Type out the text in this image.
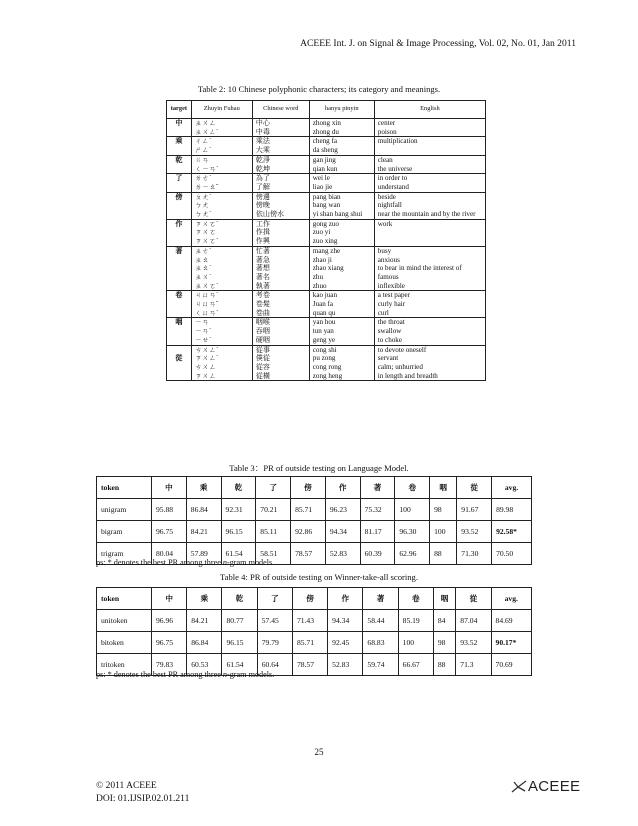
ACEEE Int. J. on Signal & Image Processing, Vol. 02, No. 01, Jan 2011
Table 2: 10 Chinese polyphonic characters; its category and meanings.
target	Zhuyin Fuhau	Chinese word	hanyu pinyin	English
中	ㄓㄨㄥ	中心	zhong xin	center
	ㄓㄨㄥˋ	中毒	zhong du	poison
乘	ㄔㄥˊ	乘法	cheng fa	multiplication
	ㄕㄥˋ	大乘	da sheng	
乾	ㄍㄢ	乾淨	gan jing	clean
	ㄑㄧㄢˊ	乾坤	qian kun	the universe
了	ㄌㄜˊ	為了	wei le	in order to
	ㄌㄧㄠˇ	了解	liao jie	understand
傍	ㄆㄤˊ	傍邊	pang bian	beside
	ㄅㄤ	傍晚	bang wan	nightfall
	ㄅㄤˋ	依山傍水	yi shan bang shui	near the mountain and by the river
作	ㄗㄨㄛˋ	工作	gong zuo	work
	ㄗㄨㄛ	作揖	zuo yi	
	ㄗㄨㄛˊ	作興	zuo xing	
著	ㄓㄜˊ	忙著	mang zhe	busy
	ㄓㄠ	著急	zhao ji	anxious
	ㄓㄠˊ	著想	zhao xiang	to bear in mind the interest of
	ㄓㄨˋ	著名	zhu	famous
	ㄓㄨㄛˊ	執著	zhuo	inflexible
卷	ㄐㄩㄢˋ	考卷	kao juan	a test paper
	ㄐㄩㄢˇ	卷髮	Juan fa	curly hair
	ㄑㄩㄢˊ	卷曲	quan qu	curl
咽	ㄧㄢ	咽喉	yan hou	the throat
	ㄧㄢˋ	吞咽	tun yan	swallow
	ㄧㄝˋ	硬咽	geng ye	to choke
	ㄘㄨㄥˊ	從事	cong shi	to devote oneself
從	ㄗㄨㄥˋ	僕從	pu zong	servant
	ㄘㄨㄥ	從容	cong rong	calm; unhurried
	ㄗㄨㄥ	從橫	zong heng	in length and breadth
Table 3：PR of outside testing on Language Model.
token	中	乘	乾	了	傍	作	著	卷	咽	從	avg.
unigram	95.88	86.84	92.31	70.21	85.71	96.23	75.32	100	98	91.67	89.98
bigram	96.75	84.21	96.15	85.11	92.86	94.34	81.17	96.30	100	93.52	92.58*
trigram	80.04	57.89	61.54	58.51	78.57	52.83	60.39	62.96	88	71.30	70.50
ps: * denotes the best PR among three n-gram models.
Table 4: PR of outside testing on Winner-take-all scoring.
token	中	乘	乾	了	傍	作	著	卷	咽	從	avg.
unitoken	96.96	84.21	80.77	57.45	71.43	94.34	58.44	85.19	84	87.04	84.69
bitoken	96.75	86.84	96.15	79.79	85.71	92.45	68.83	100	98	93.52	90.17*
tritoken	79.83	60.53	61.54	60.64	78.57	52.83	59.74	66.67	88	71.3	70.69
ps: * denotes the best PR among three n-gram models.
25
© 2011 ACEEE
DOI: 01.IJSIP.02.01.211
ACEEE
